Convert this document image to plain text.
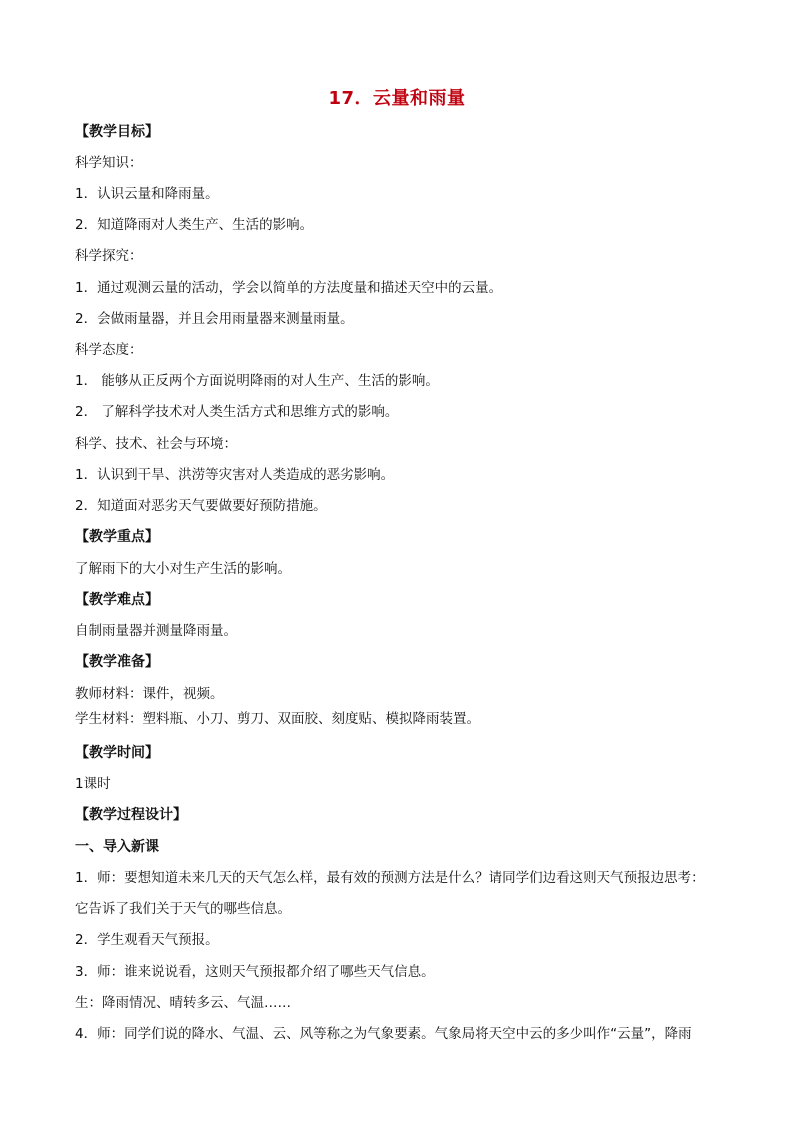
17．云量和雨量
【教学目标】
科学知识：
1．认识云量和降雨量。
2．知道降雨对人类生产、生活的影响。
科学探究：
1．通过观测云量的活动，学会以简单的方法度量和描述天空中的云量。
2．会做雨量器，并且会用雨量器来测量雨量。
科学态度：
1． 能够从正反两个方面说明降雨的对人生产、生活的影响。
2． 了解科学技术对人类生活方式和思维方式的影响。
科学、技术、社会与环境：
1．认识到干旱、洪涝等灾害对人类造成的恶劣影响。
2．知道面对恶劣天气要做要好预防措施。
【教学重点】
了解雨下的大小对生产生活的影响。
【教学难点】
自制雨量器并测量降雨量。
【教学准备】
教师材料：课件，视频。
学生材料：塑料瓶、小刀、剪刀、双面胶、刻度贴、模拟降雨装置。
【教学时间】
1课时
【教学过程设计】
一、导入新课
1．师：要想知道未来几天的天气怎么样，最有效的预测方法是什么？请同学们边看这则天气预报边思考：
它告诉了我们关于天气的哪些信息。
2．学生观看天气预报。
3．师：谁来说说看，这则天气预报都介绍了哪些天气信息。
生：降雨情况、晴转多云、气温……
4．师：同学们说的降水、气温、云、风等称之为气象要素。气象局将天空中云的多少叫作“云量”，降雨
